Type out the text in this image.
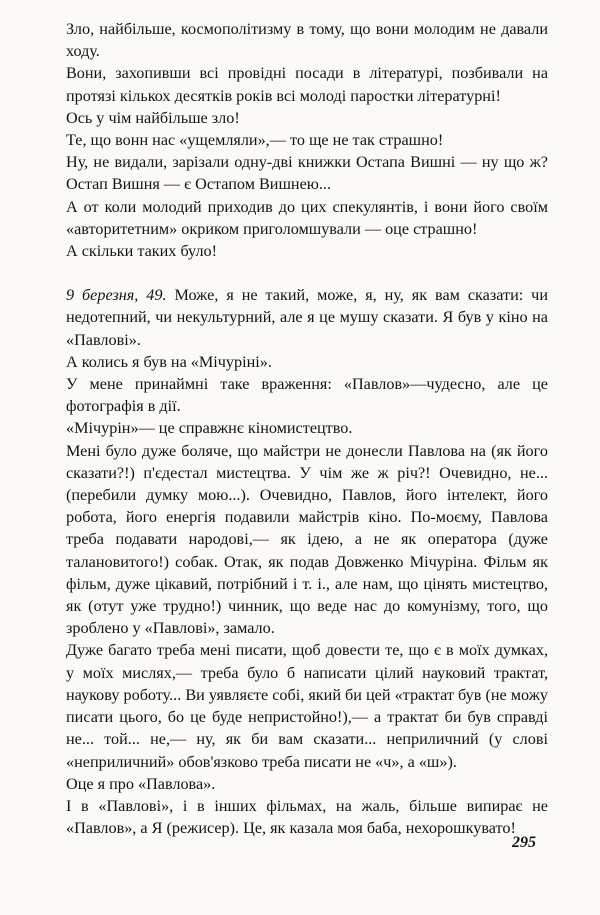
Зло, найбільше, космополітизму в тому, що вони молодим не давали ходу.

Вони, захопивши всі провідні посади в літературі, позбивали на протязі кількох десятків років всі молоді паростки літературні!

Ось у чім найбільше зло!

Те, що вонн нас «ущемляли»,— то ще не так страшно!

Ну, не видали, зарізали одну-дві книжки Остапа Вишні — ну що ж? Остап Вишня — є Остапом Вишнею...

А от коли молодий приходив до цих спекулянтів, і вони його своїм «авторитетним» окриком приголомшували — оце страшно!

А скільки таких було!

9 березня, 49. Може, я не такий, може, я, ну, як вам сказати: чи недотепний, чи некультурний, але я це мушу сказати. Я був у кіно на «Павлові».

А колись я був на «Мічуріні».

У мене принаймні таке враження: «Павлов»—чудесно, але це фотографія в дії.

«Мічурін»— це справжнє кіномистецтво.

Мені було дуже боляче, що майстри не донесли Павлова на (як його сказати?!) п'єдестал мистецтва. У чім же ж річ?! Очевидно, не... (перебили думку мою...). Очевидно, Павлов, його інтелект, його робота, його енергія подавили майстрів кіно. По-моєму, Павлова треба подавати народові,— як ідею, а не як оператора (дуже талановитого!) собак. Отак, як подав Довженко Мічуріна. Фільм як фільм, дуже цікавий, потрібний і т. і., але нам, що цінять мистецтво, як (отут уже трудно!) чинник, що веде нас до комунізму, того, що зроблено у «Павлові», замало.

Дуже багато треба мені писати, щоб довести те, що є в моїх думках, у моїх мислях,— треба було б написати цілий науковий трактат, наукову роботу... Ви уявляєте собі, який би цей «трактат був (не можу писати цього, бо це буде непристойно!),— а трактат би був справді не... той... не,— ну, як би вам сказати... неприличний (у слові «неприличний» обов'язково треба писати не «ч», а «ш»).

Оце я про «Павлова».

І в «Павлові», і в інших фільмах, на жаль, більше випирає не «Павлов», а Я (режисер). Це, як казала моя баба, нехорошкувато!

295
